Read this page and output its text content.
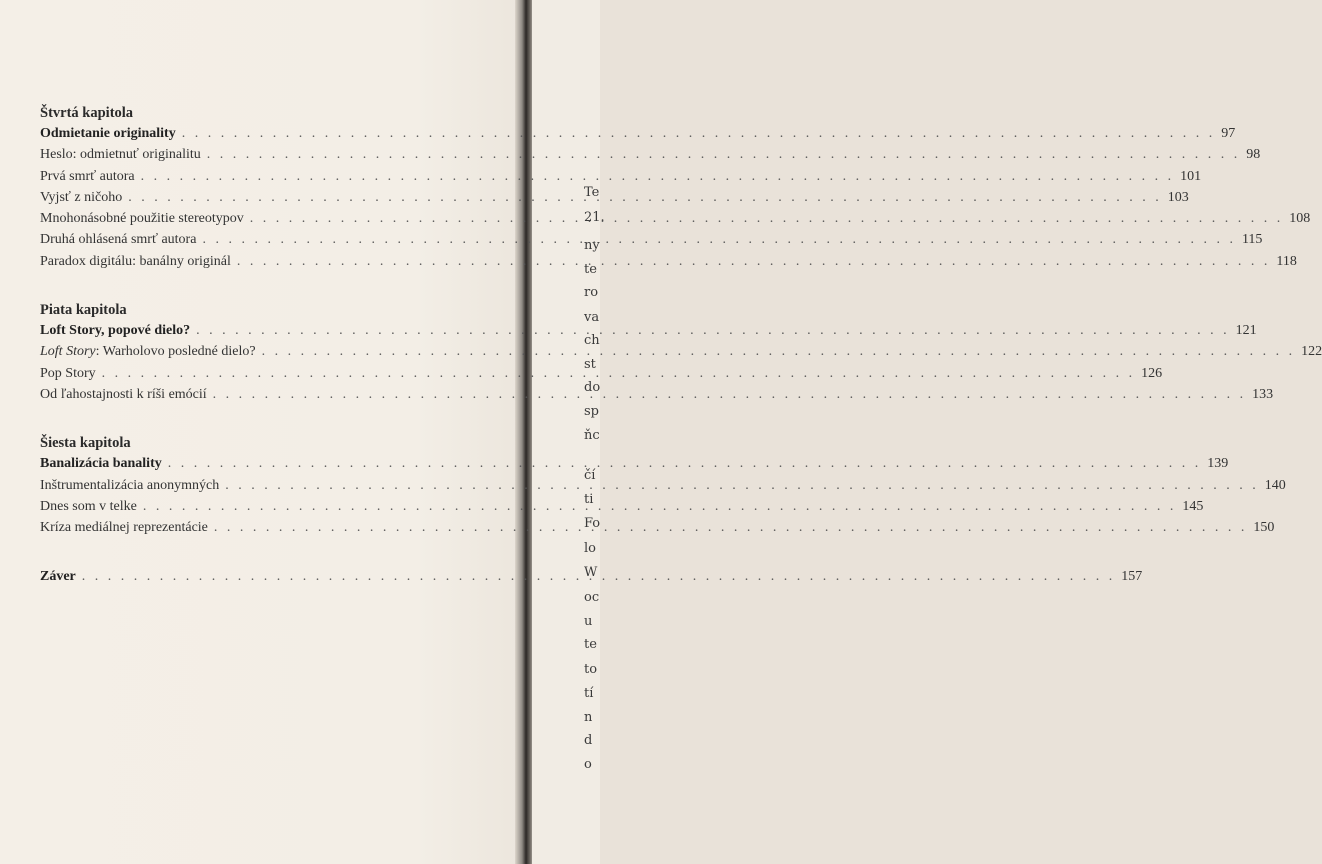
Te
21.
ny
te
ro
va
ch
st
do
sp
ňc
čí
ti
Fo
lo
W
oc
u
te
to
tí
n
d
o
Štvrtá kapitola
Odmietanie originality . . .	97
Heslo: odmietnuť originalitu . . .	98
Prvá smrť autora . . .	101
Vyjsť z ničoho . . .	103
Mnohonásobné použitie stereotypov . . .	108
Druhá ohlásená smrť autora . . .	115
Paradox digitálu: banálny originál . . .	118
Piata kapitola
Loft Story, popové dielo? . . .	121
Loft Story: Warholovo posledné dielo? . . .	122
Pop Story . . .	126
Od ľahostajnosti k ríši emócií . . .	133
Šiesta kapitola
Banalizácia banality . . .	139
Inštrumentalizácia anonymných . . .	140
Dnes som v telke . . .	145
Kríza mediálnej reprezentácie . . .	150
Záver . . .	157
